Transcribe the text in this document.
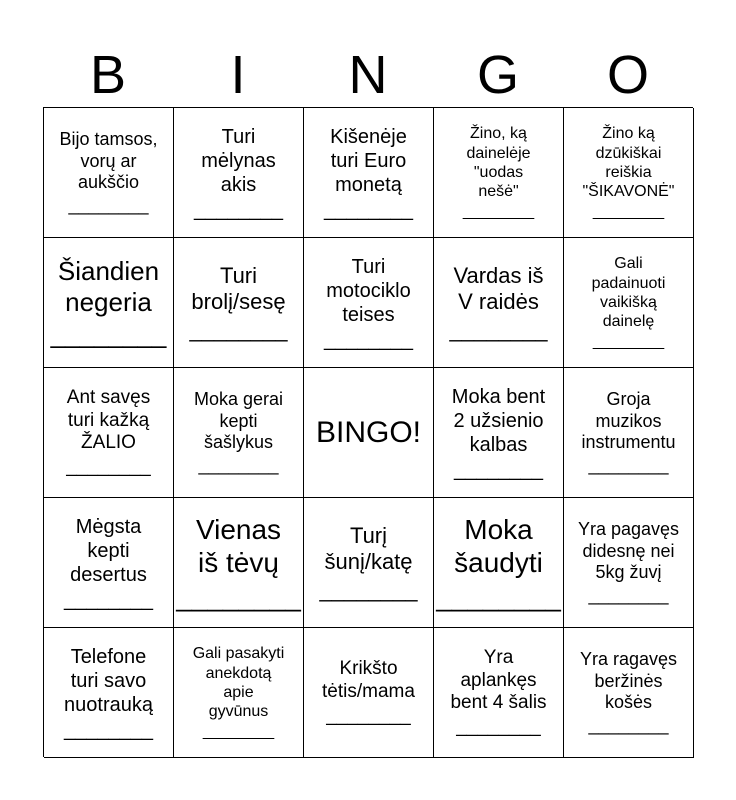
B	I	N	G	O
Bijo tamsos,
vorų ar
aukščio
________
Turi
mėlynas
akis
________
Kišenėje
turi Euro
monetą
________
Žino, ką
dainelėje
"uodas
nešė"
________
Žino ką
dzūkiškai
reiškia
"ŠIKAVONĖ"
________
Šiandien
negeria
________
Turi
brolį/sesę
________
Turi
motociklo
teises
________
Vardas iš
V raidės
________
Gali
padainuoti
vaikišką
dainelę
________
Ant savęs
turi kažką
ŽALIO
________
Moka gerai
kepti
šašlykus
________
BINGO!
Moka bent
2 užsienio
kalbas
________
Groja
muzikos
instrumentu
________
Mėgsta
kepti
desertus
________
Vienas
iš tėvų
________
Turį
šunį/katę
________
Moka
šaudyti
________
Yra pagavęs
didesnę nei
5kg žuvį
________
Telefone
turi savo
nuotrauką
________
Gali pasakyti
anekdotą
apie
gyvūnus
________
Krikšto
tėtis/mama
________
Yra
aplankęs
bent 4 šalis
________
Yra ragavęs
beržinės
košės
________
